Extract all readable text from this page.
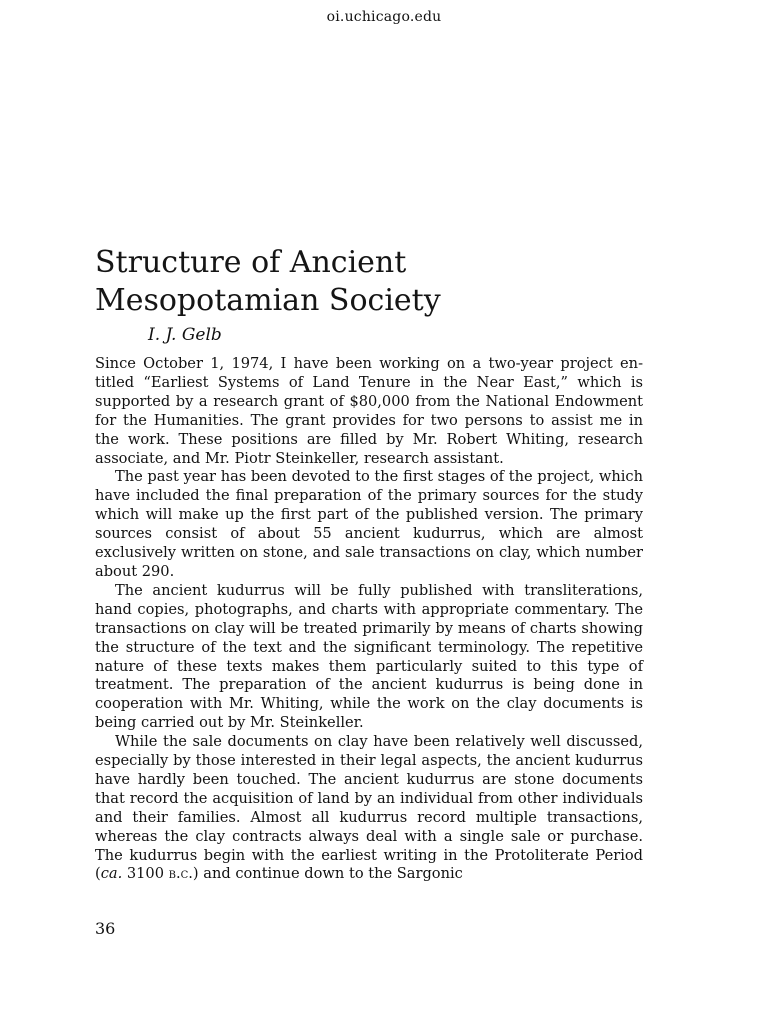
oi.uchicago.edu
Structure of Ancient
Mesopotamian Society
I. J. Gelb

Since October 1, 1974, I have been working on a two-year project entitled “Earliest Systems of Land Tenure in the Near East,” which is supported by a research grant of $80,000 from the National Endowment for the Humanities. The grant provides for two persons to assist me in the work. These positions are filled by Mr. Robert Whiting, research associate, and Mr. Piotr Steinkeller, research assistant.

The past year has been devoted to the first stages of the project, which have included the final preparation of the primary sources for the study which will make up the first part of the published version. The primary sources consist of about 55 ancient kudurrus, which are almost exclusively written on stone, and sale transactions on clay, which number about 290.

The ancient kudurrus will be fully published with transliterations, hand copies, photographs, and charts with appropriate commentary. The transactions on clay will be treated primarily by means of charts showing the structure of the text and the significant terminology. The repetitive nature of these texts makes them particularly suited to this type of treatment. The preparation of the ancient kudurrus is being done in cooperation with Mr. Whiting, while the work on the clay documents is being carried out by Mr. Steinkeller.

While the sale documents on clay have been relatively well discussed, especially by those interested in their legal aspects, the ancient kudurrus have hardly been touched. The ancient kudurrus are stone documents that record the acquisition of land by an individual from other individuals and their families. Almost all kudurrus record multiple transactions, whereas the clay contracts always deal with a single sale or purchase. The kudurrus begin with the earliest writing in the Protoliterate Period (ca. 3100 b.c.) and continue down to the Sargonic

36
